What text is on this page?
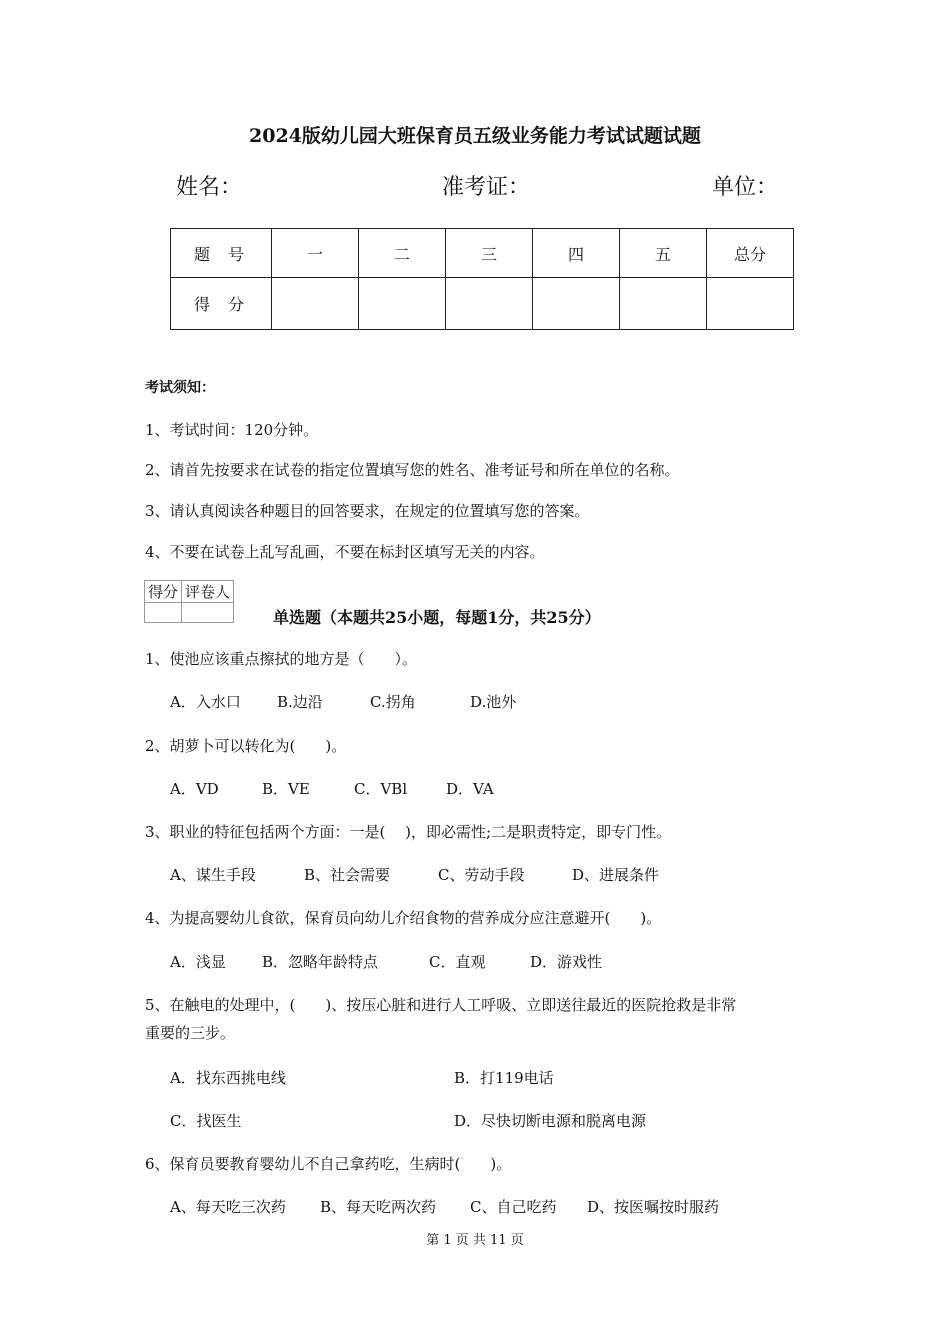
2024版幼儿园大班保育员五级业务能力考试试题试题
姓名：	准考证：	单位：
题号	一	二	三	四	五	总分
得分						
考试须知：
1、考试时间：120分钟。
2、请首先按要求在试卷的指定位置填写您的姓名、准考证号和所在单位的名称。
3、请认真阅读各种题目的回答要求，在规定的位置填写您的答案。
4、不要在试卷上乱写乱画，不要在标封区填写无关的内容。
得分	评卷人

单选题（本题共25小题，每题1分，共25分）
1、使池应该重点擦拭的地方是（　　）。
A．入水口 B.边沿	C.拐角	D.池外
2、胡萝卜可以转化为(　　)。
A．VD	B．VE	C．VBl	D．VA
3、职业的特征包括两个方面：一是(　 )，即必需性;二是职责特定，即专门性。
A、谋生手段	B、社会需要	C、劳动手段	D、进展条件
4、为提高婴幼儿食欲，保育员向幼儿介绍食物的营养成分应注意避开(　　)。
A．浅显 B．忽略年龄特点	C．直观	D．游戏性
5、在触电的处理中，(　　)、按压心脏和进行人工呼吸、立即送往最近的医院抢救是非常
重要的三步。
A．找东西挑电线	B．打119电话
C．找医生	D．尽快切断电源和脱离电源
6、保育员要教育婴幼儿不自己拿药吃，生病时(　　)。
A、每天吃三次药 B、每天吃两次药 C、自己吃药 D、按医嘱按时服药
第 1 页 共 11 页
